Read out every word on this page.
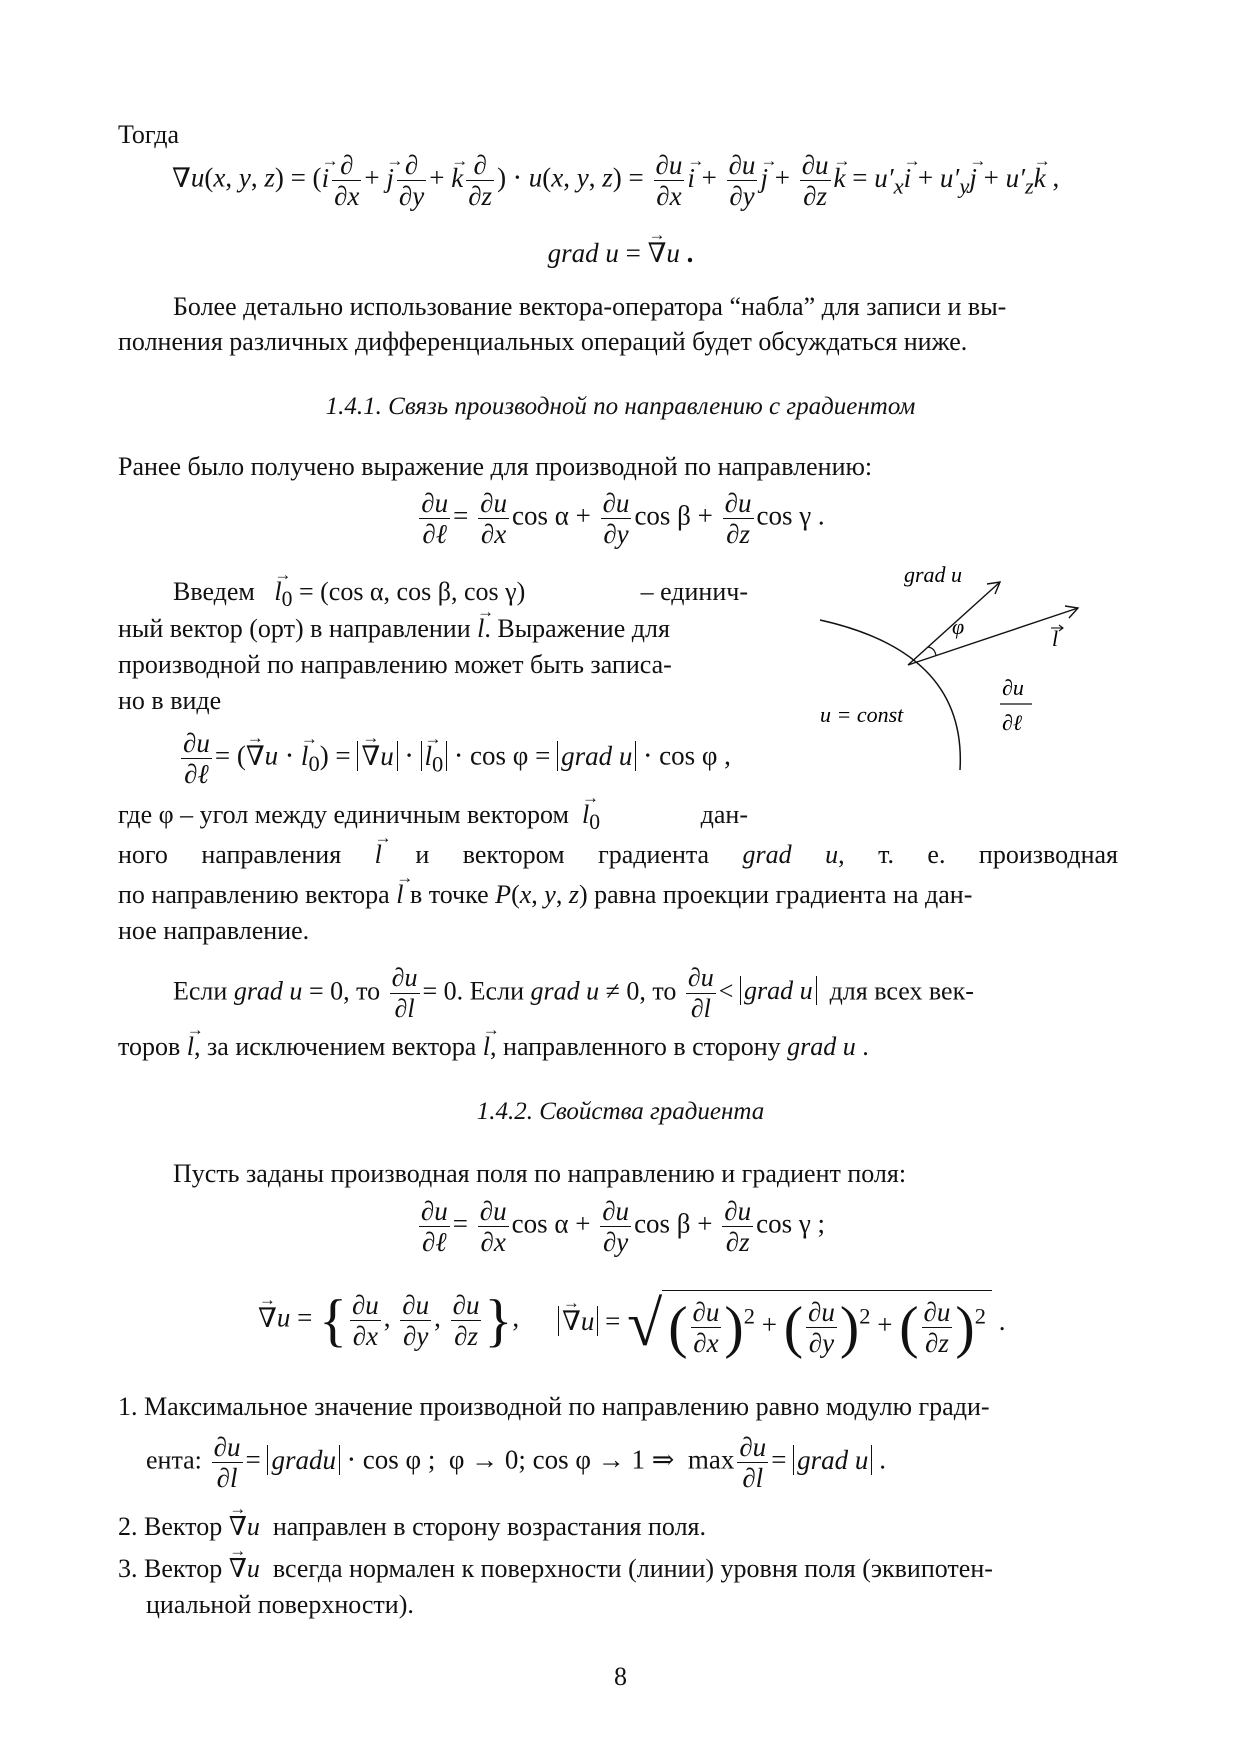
Тогда
∇u(x, y, z) = (→ i $\frac{\partial}{\partial x}$ + → j $\frac{\partial}{\partial y}$ + → k $\frac{\partial}{\partial z}$ ) ⋅ u(x, y, $z) = \frac{\partial u}{\partial x}$
→ $i + \frac{\partial u}{\partial y}$
→ $j + \frac{\partial u}{\partial z}$
→ $k = u'_x\to i + u'_y\to j + u'_z\to k$ ,
grad u = → ∇u .
Более детально использование вектора-оператора “набла” для записи и вы-
полнения различных дифференциальных операций будет обсуждаться ниже.
1.4.1. Связь производной по направлению с градиентом
Ранее было получено выражение для производной по направлению:
$\frac{\partial u}{\text{∂ℓ}} = \frac{\partial u}{\partial x}$ $\cos \alpha + \frac{\partial u}{\partial y}$ $\cos \beta + \frac{\partial u}{\partial z}$ cos γ .
Введем   → $l_0 = (\cos$ α, cos β, cos γ)	– единич-
ный вектор (орт) в направлении → l. Выражение для
производной по направлению может быть записа-
но в виде
$\frac{\partial u}{\text{∂ℓ}}$ = (→ ∇u ⋅ → $l_0$) = → ∇u ⋅ → $l_0 \cdot \cos \varphi$ = grad u ⋅ cos φ ,
grad u
φ	l
u = const
∂u
∂ℓ
где φ – угол между единичным вектором  → $l_0$	дан-
ного направления → l и вектором градиента grad u, т. е. производная
по направлению вектора → l в точке P(x, y, z) равна проекции градиента на дан-
ное направление.
Если grad u = 0, то $\frac{\partial u}{\partial l} = 0$. Если grad u ≠ 0, то $\frac{\partial u}{\partial l}$ < grad u для всех век-
торов → l, за исключением вектора → l, направленного в сторону grad u .
1.4.2. Свойства градиента
Пусть заданы производная поля по направлению и градиент поля:
$\frac{\partial u}{\text{∂ℓ}} = \frac{\partial u}{\partial x}$ $\cos \alpha + \frac{\partial u}{\partial y}$ $\cos \beta + \frac{\partial u}{\partial z}$ cos γ ;
→ ∇u = { $\frac{\partial u}{\partial x}$ , $\frac{\partial u}{\partial y}$ , $\frac{\partial u}{\partial z}$ },
→ ∇u = √ ( $\frac{\partial u}{\partial x} )^2$ + ( $\frac{\partial u}{\partial y} )^2$ + ( $\frac{\partial u}{\partial z} )^2$ .
1. Максимальное значение производной по направлению равно модулю гради-
ента: $\frac{\partial u}{\partial l}$ = gradu ⋅ cos φ ;  φ → 0; cos φ → 1 ⇒  $\max \frac{\partial u}{\partial l}$ = grad u .
2. Вектор → ∇u направлен в сторону возрастания поля.
3. Вектор → ∇u всегда нормален к поверхности (линии) уровня поля (эквипотен-
циальной поверхности).
8
